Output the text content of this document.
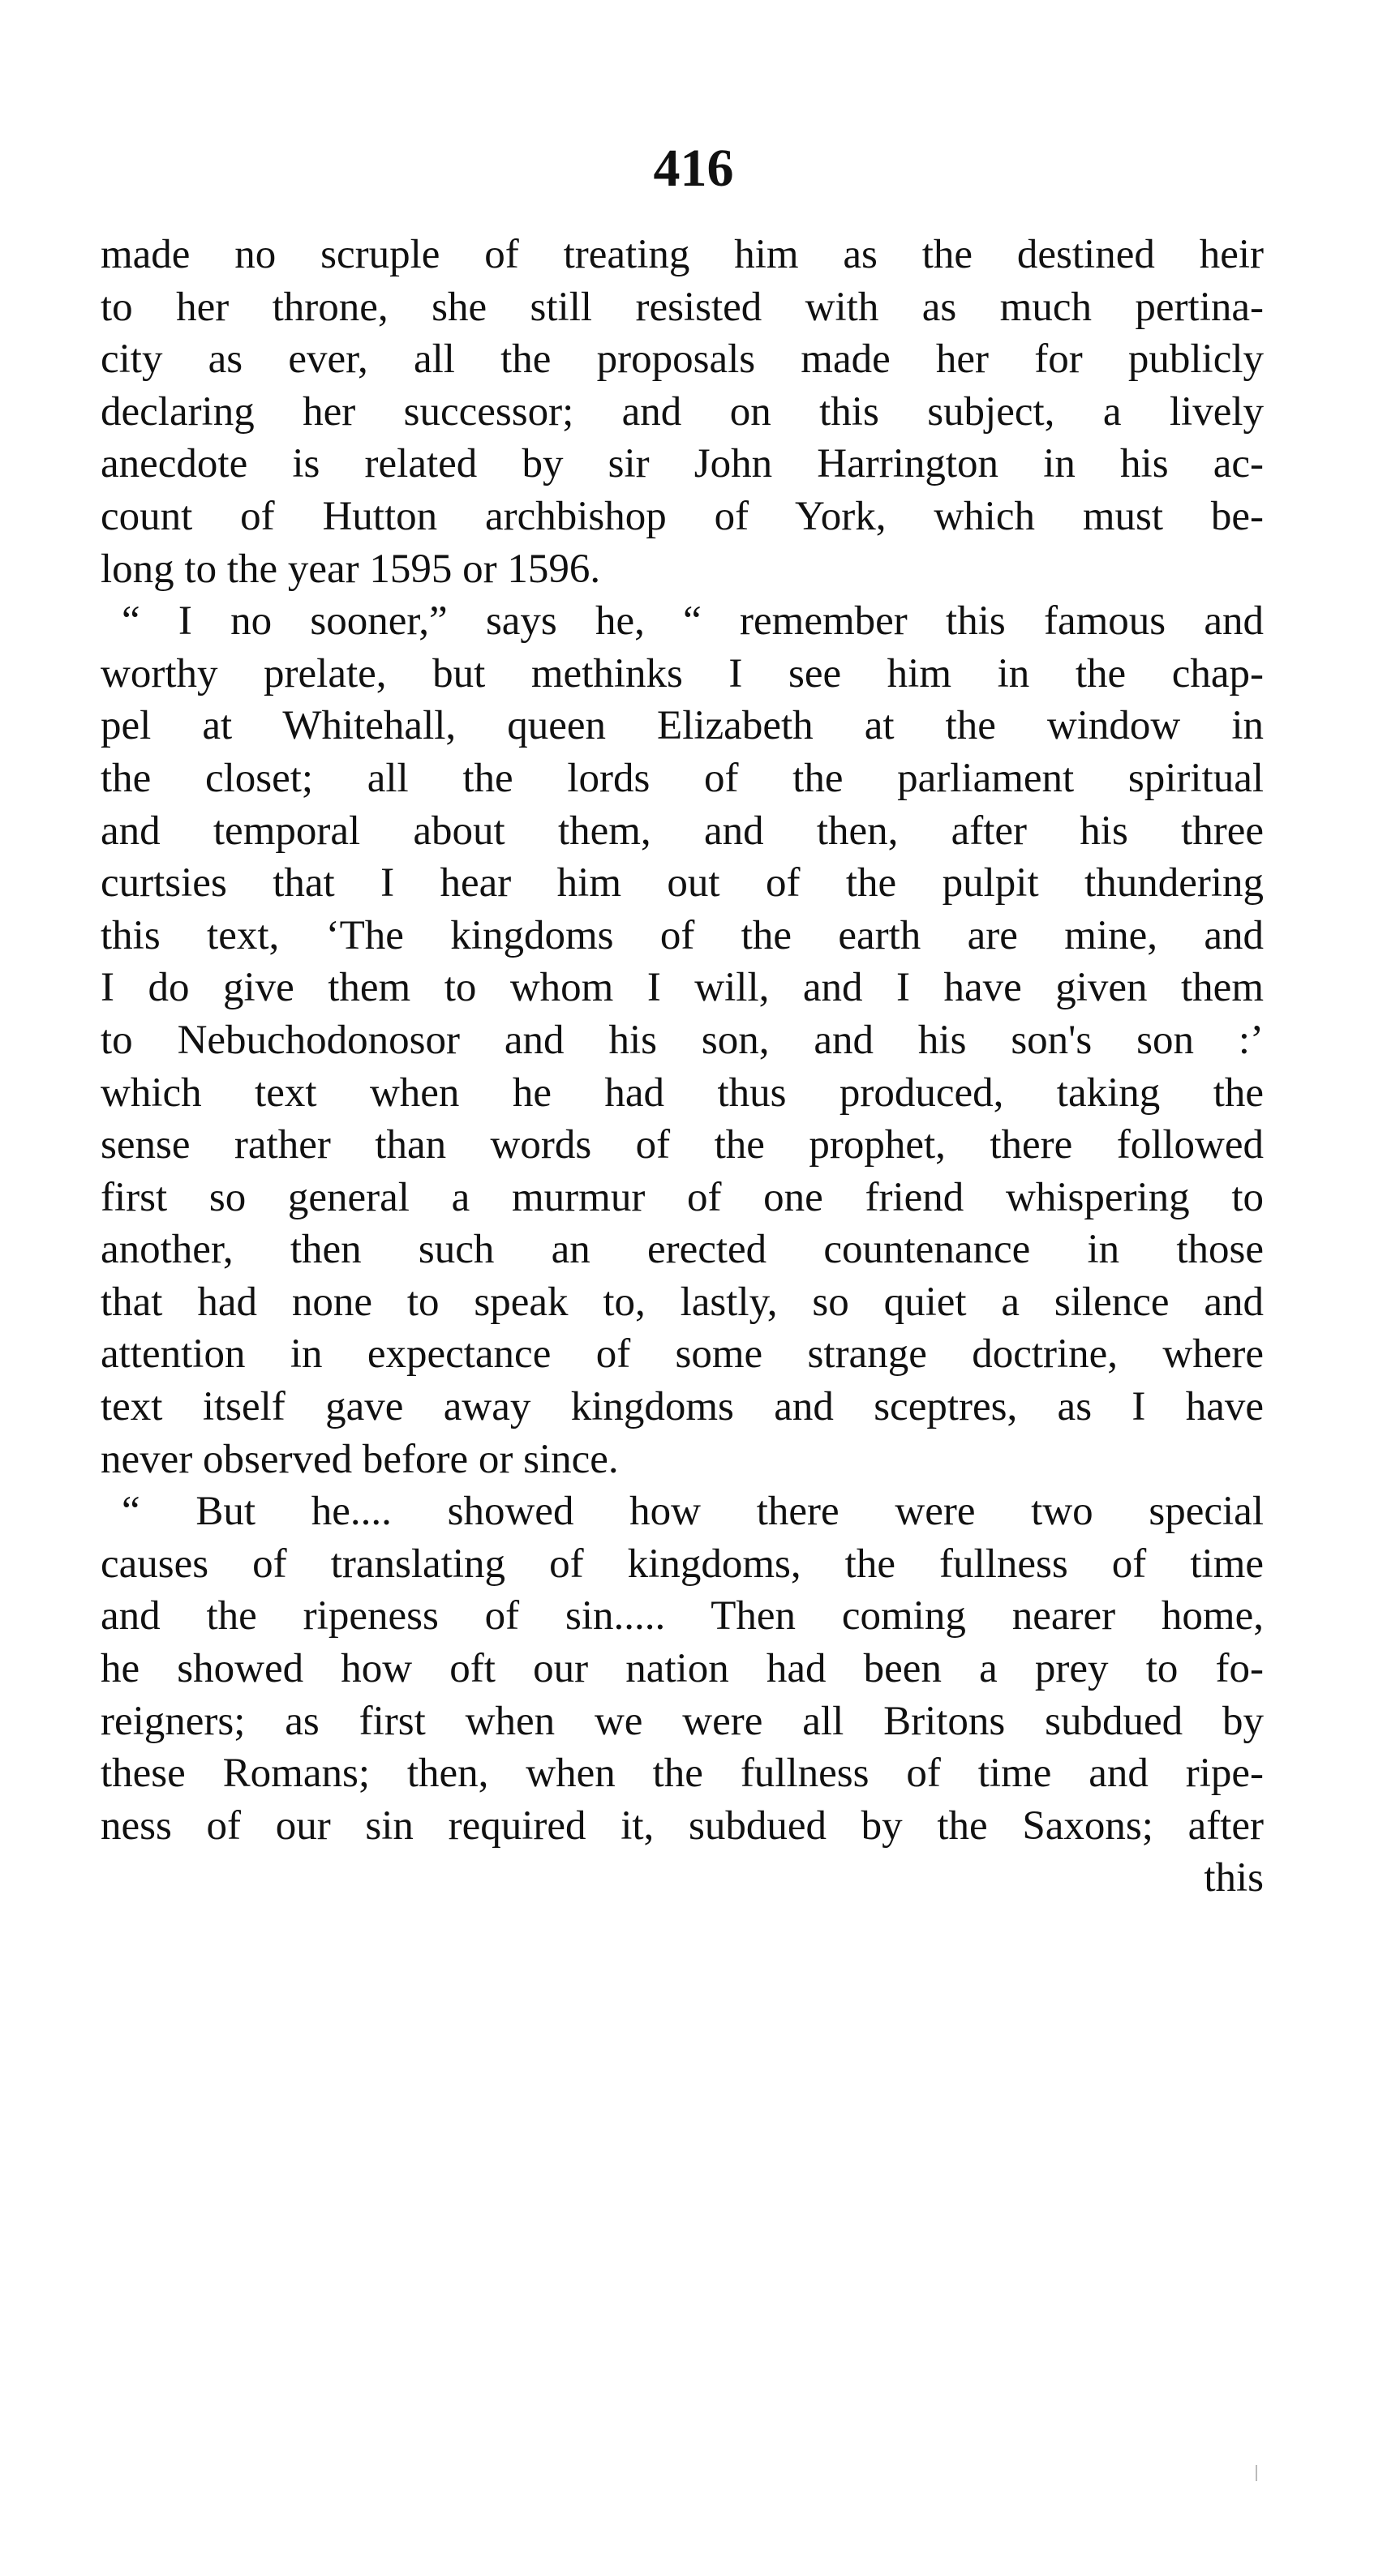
416
made no scruple of treating him as the destined heir
to her throne, she still resisted with as much pertina-
city as ever, all the proposals made her for publicly
declaring her successor; and on this subject, a lively
anecdote is related by sir John Harrington in his ac-
count of Hutton archbishop of York, which must be-
long to the year 1595 or 1596.
“ I no sooner,” says he, “ remember this famous and
worthy prelate, but methinks I see him in the chap-
pel at Whitehall, queen Elizabeth at the window in
the closet; all the lords of the parliament spiritual
and temporal about them, and then, after his three
curtsies that I hear him out of the pulpit thundering
this text, ‘The kingdoms of the earth are mine, and
I do give them to whom I will, and I have given them
to Nebuchodonosor and his son, and his son's son :’
which text when he had thus produced, taking the
sense rather than words of the prophet, there followed
first so general a murmur of one friend whispering to
another, then such an erected countenance in those
that had none to speak to, lastly, so quiet a silence and
attention in expectance of some strange doctrine, where
text itself gave away kingdoms and sceptres, as I have
never observed before or since.
“ But he.... showed how there were two special
causes of translating of kingdoms, the fullness of time
and the ripeness of sin..... Then coming nearer home,
he showed how oft our nation had been a prey to fo-
reigners; as first when we were all Britons subdued by
these Romans; then, when the fullness of time and ripe-
ness of our sin required it, subdued by the Saxons; after
this
